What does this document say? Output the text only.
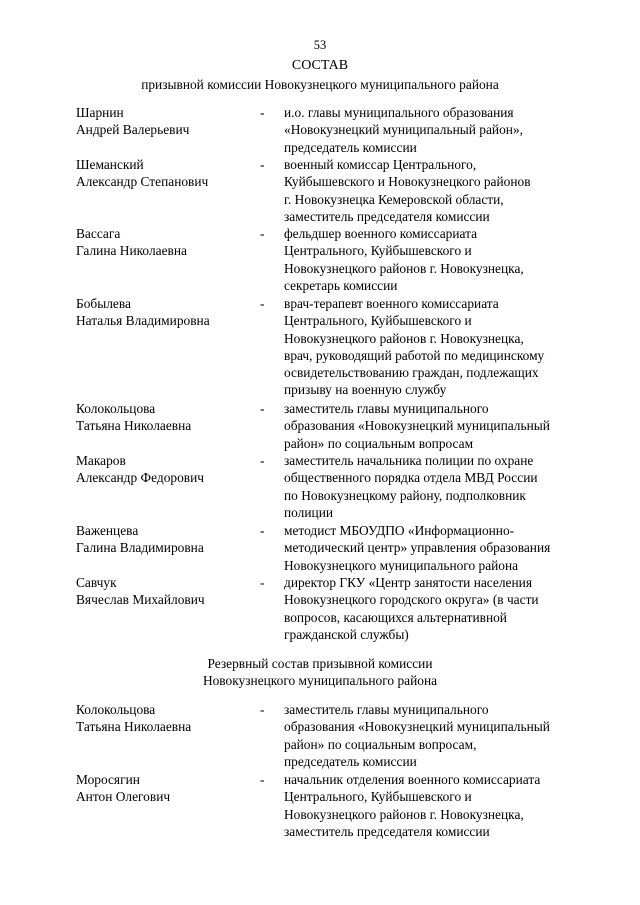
53
СОСТАВ
призывной комиссии Новокузнецкого муниципального района
Шарнин
Андрей Валерьевич
- и.о. главы муниципального образования
«Новокузнецкий муниципальный район»,
председатель комиссии
Шеманский
Александр Степанович
- военный комиссар Центрального,
Куйбышевского и Новокузнецкого районов
г. Новокузнецка Кемеровской области,
заместитель председателя комиссии
Вассага
Галина Николаевна
- фельдшер военного комиссариата
Центрального, Куйбышевского и
Новокузнецкого районов г. Новокузнецка,
секретарь комиссии
Бобылева
Наталья Владимировна
- врач-терапевт военного комиссариата
Центрального, Куйбышевского и
Новокузнецкого районов г. Новокузнецка,
врач, руководящий работой по медицинскому
освидетельствованию граждан, подлежащих
призыву на военную службу
Колокольцова
Татьяна Николаевна
- заместитель главы муниципального
образования «Новокузнецкий муниципальный
район» по социальным вопросам
Макаров
Александр Федорович
- заместитель начальника полиции по охране
общественного порядка отдела МВД России
по Новокузнецкому району, подполковник
полиции
Важенцева
Галина Владимировна
- методист МБОУДПО «Информационно-
методический центр» управления образования
Новокузнецкого муниципального района
Савчук
Вячеслав Михайлович
- директор ГКУ «Центр занятости населения
Новокузнецкого городского округа» (в части
вопросов, касающихся альтернативной
гражданской службы)
Резервный состав призывной комиссии
Новокузнецкого муниципального района
Колокольцова
Татьяна Николаевна
- заместитель главы муниципального
образования «Новокузнецкий муниципальный
район» по социальным вопросам,
председатель комиссии
Моросягин
Антон Олегович
- начальник отделения военного комиссариата
Центрального, Куйбышевского и
Новокузнецкого районов г. Новокузнецка,
заместитель председателя комиссии
